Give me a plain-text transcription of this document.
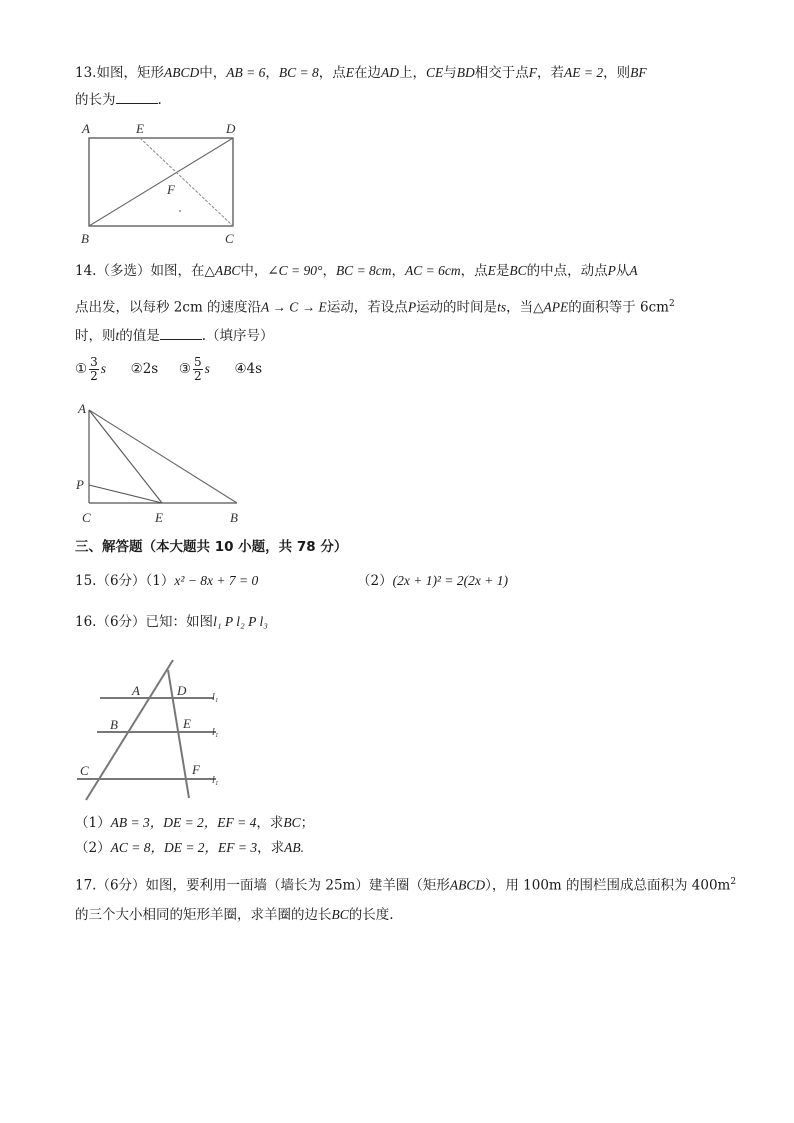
13.如图，矩形ABCD中，AB = 6，BC = 8，点E在边AD上，CE与BD相交于点F，若AE = 2，则BF
的长为	.
A	E	D
F
B	C
14.（多选）如图，在△ABC中，∠C = 90°，BC = 8cm，AC = 6cm，点E是BC的中点，动点P从A
点出发，以每秒 2cm 的速度沿A → C → E运动，若设点P运动的时间是ts，当△APE的面积等于 $6cm^2$
时，则t的值是	.（填序号）
① $\frac{3}{2}$ s ②2s ③ $\frac{5}{2}$ s ④4s
A
P
C	E	B
三、解答题（本大题共 10 小题，共 78 分）
15.（6分）（1）x² − 8x + 7 = 0	（2）(2x + 1)² = 2(2x + 1)
16.（6分）已知：如图l₁ P l₂ P l₃
A	D	l₁
B	E
l₁
C	F
l₁
（1）AB = 3，DE = 2，EF = 4，求BC；
（2）AC = 8，DE = 2，EF = 3，求AB.
17.（6分）如图，要利用一面墙（墙长为 25m）建羊圈（矩形ABCD），用 100m 的围栏围成总面积为 $400m^2$
的三个大小相同的矩形羊圈，求羊圈的边长BC的长度.
